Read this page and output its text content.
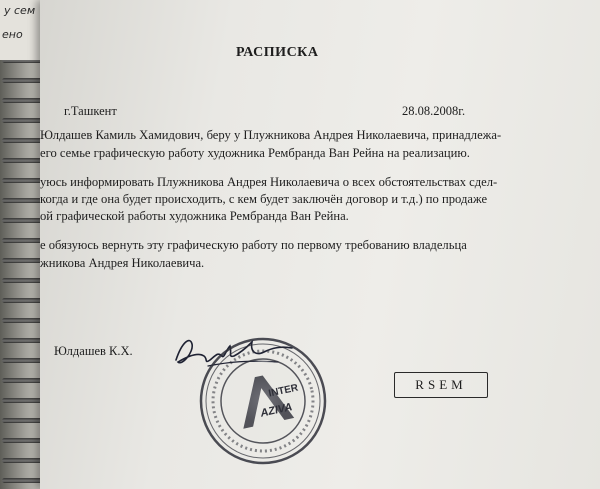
у сем
ено
РАСПИСКА
г.Ташкент	28.08.2008г.
Юлдашев Камиль Хамидович, беру у Плужникова Андрея Николаевича, принадлежа-
его семье графическую работу художника Рембранда Ван Рейна на реализацию.
уюсь информировать Плужникова Андрея Николаевича о всех обстоятельствах сдел-
когда и где она будет происходить, с кем будет заключён договор и т.д.) по продаже
ой графической работы художника Рембранда Ван Рейна.
е обязуюсь вернуть эту графическую работу по первому требованию владельца
жникова Андрея Николаевича.
Юлдашев К.Х.
INTER
AZIVA
RSEM
